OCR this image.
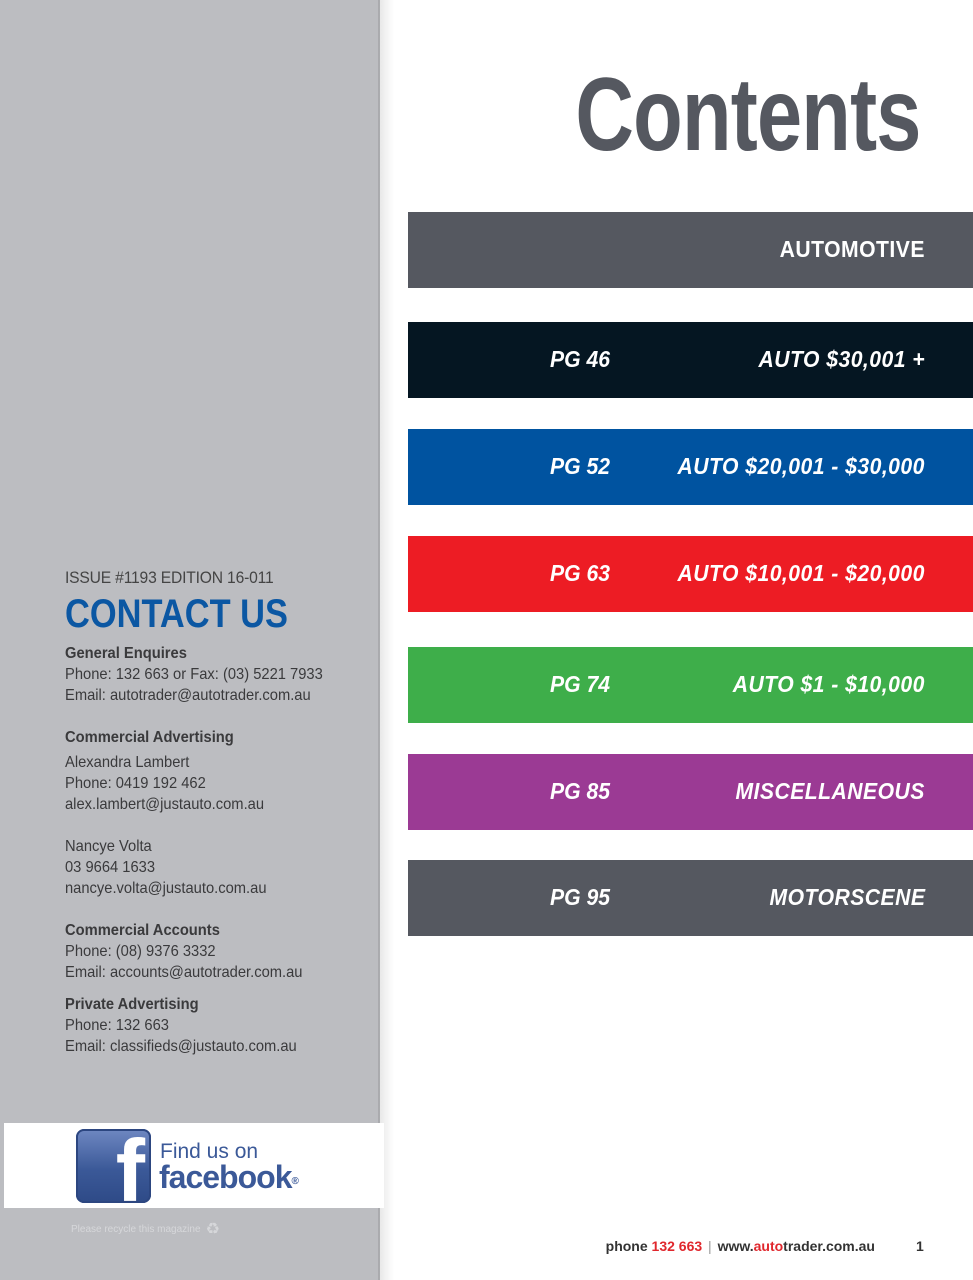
ISSUE #1193 EDITION 16-011
CONTACT US
General Enquires
Phone: 132 663 or Fax: (03) 5221 7933
Email: autotrader@autotrader.com.au
Commercial Advertising
Alexandra Lambert
Phone: 0419 192 462
alex.lambert@justauto.com.au
Nancye Volta
03 9664 1633
nancye.volta@justauto.com.au
Commercial Accounts
Phone: (08) 9376 3332
Email: accounts@autotrader.com.au
Private Advertising
Phone: 132 663
Email: classifieds@justauto.com.au
f Find us on
facebook®
Please recycle this magazine ♻
Contents
AUTOMOTIVE
PG 46	AUTO $30,001 +
PG 52	AUTO $20,001 - $30,000
PG 63	AUTO $10,001 - $20,000
PG 74	AUTO $1 - $10,000
PG 85	MISCELLANEOUS
PG 95	MOTORSCENE
phone 132 663 | www.autotrader.com.au	1
